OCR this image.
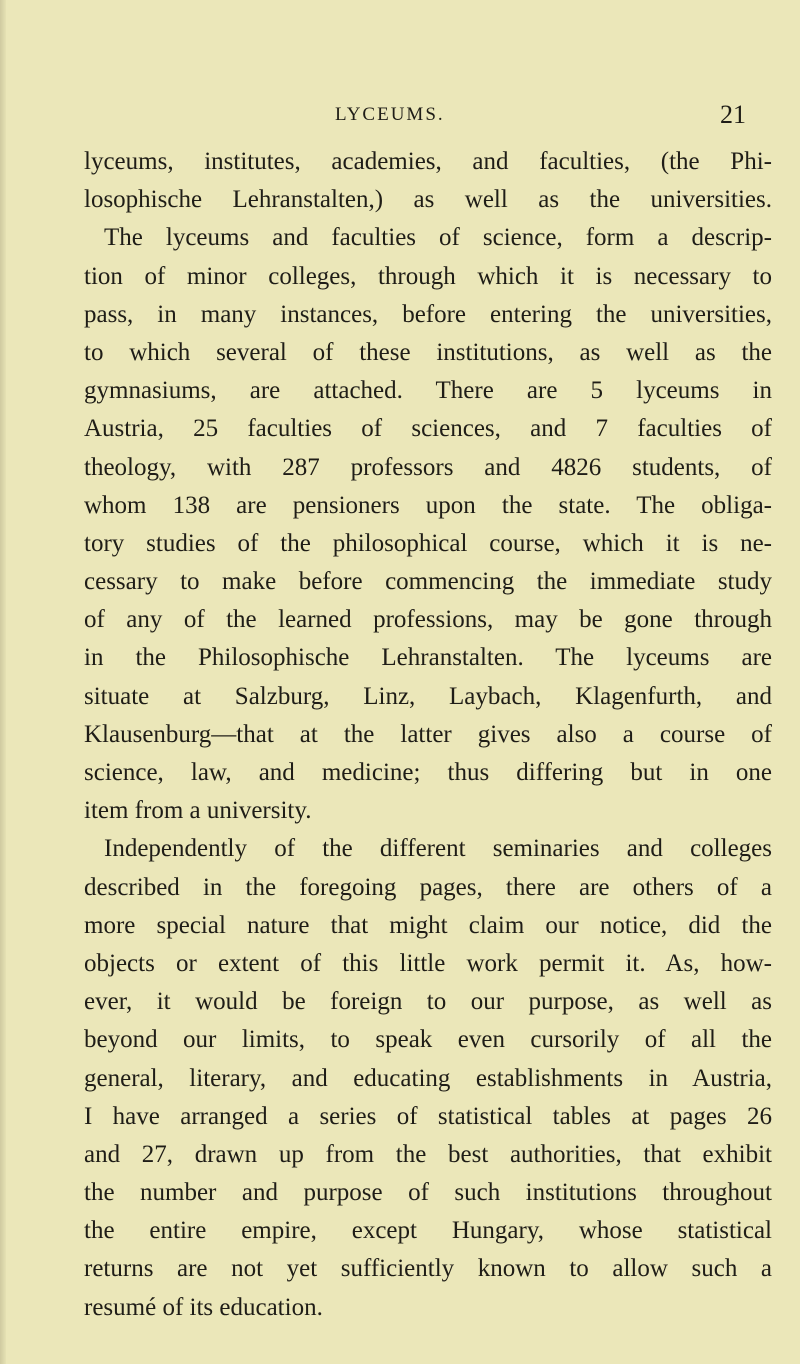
LYCEUMS.	21
lyceums, institutes, academies, and faculties, (the Phi-
losophische Lehranstalten,) as well as the universities.
The lyceums and faculties of science, form a descrip-
tion of minor colleges, through which it is necessary to
pass, in many instances, before entering the universities,
to which several of these institutions, as well as the
gymnasiums, are attached. There are 5 lyceums in
Austria, 25 faculties of sciences, and 7 faculties of
theology, with 287 professors and 4826 students, of
whom 138 are pensioners upon the state. The obliga-
tory studies of the philosophical course, which it is ne-
cessary to make before commencing the immediate study
of any of the learned professions, may be gone through
in the Philosophische Lehranstalten. The lyceums are
situate at Salzburg, Linz, Laybach, Klagenfurth, and
Klausenburg—that at the latter gives also a course of
science, law, and medicine; thus differing but in one
item from a university.
Independently of the different seminaries and colleges
described in the foregoing pages, there are others of a
more special nature that might claim our notice, did the
objects or extent of this little work permit it. As, how-
ever, it would be foreign to our purpose, as well as
beyond our limits, to speak even cursorily of all the
general, literary, and educating establishments in Austria,
I have arranged a series of statistical tables at pages 26
and 27, drawn up from the best authorities, that exhibit
the number and purpose of such institutions throughout
the entire empire, except Hungary, whose statistical
returns are not yet sufficiently known to allow such a
resumé of its education.
